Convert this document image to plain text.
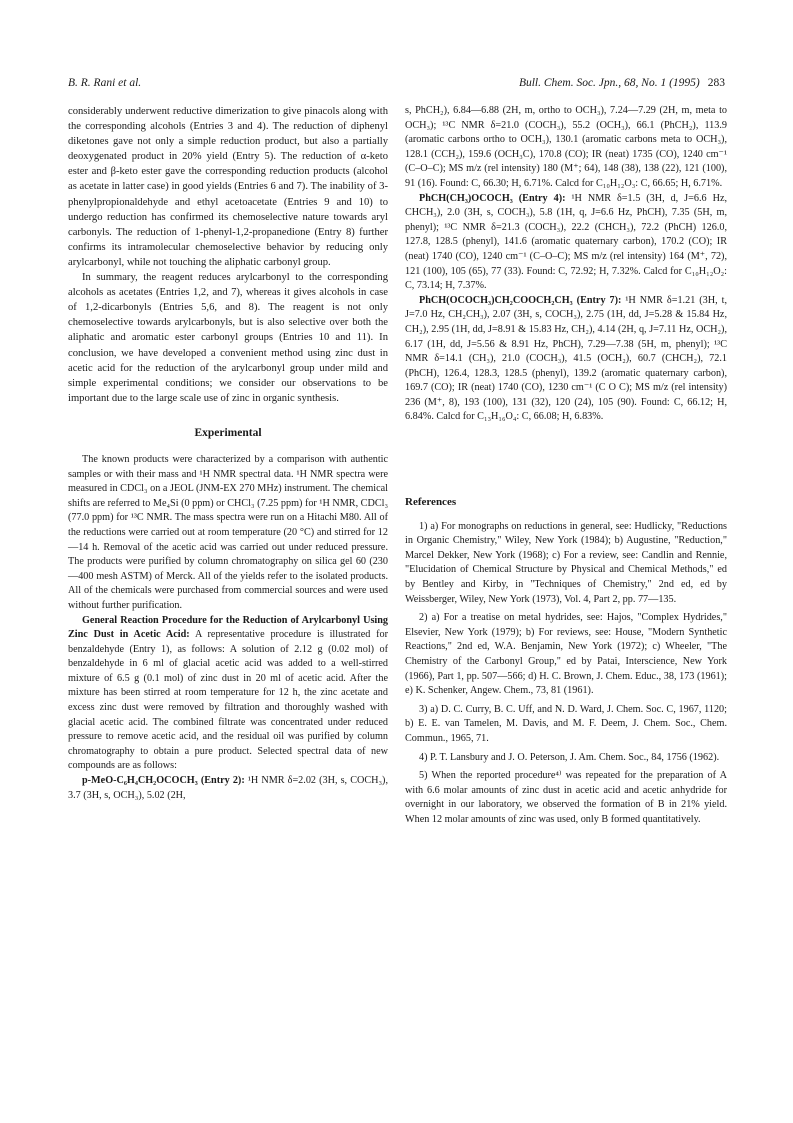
B. R. Rani et al.	Bull. Chem. Soc. Jpn., 68, No. 1 (1995) 283

considerably underwent reductive dimerization to give pinacols along with the corresponding alcohols (Entries 3 and 4). The reduction of diphenyl diketones gave not only a simple reduction product, but also a partially deoxygenated product in 20% yield (Entry 5). The reduction of α-keto ester and β-keto ester gave the corresponding reduction products (alcohol as acetate in latter case) in good yields (Entries 6 and 7). The inability of 3-phenylpropionaldehyde and ethyl acetoacetate (Entries 9 and 10) to undergo reduction has confirmed its chemoselective nature towards aryl carbonyls. The reduction of 1-phenyl-1,2-propanedione (Entry 8) further confirms its intramolecular chemoselective behavior by reducing only arylcarbonyl, while not touching the aliphatic carbonyl group.

In summary, the reagent reduces arylcarbonyl to the corresponding alcohols as acetates (Entries 1,2, and 7), whereas it gives alcohols in case of 1,2-dicarbonyls (Entries 5,6, and 8). The reagent is not only chemoselective towards arylcarbonyls, but is also selective over both the aliphatic and aromatic ester carbonyl groups (Entries 10 and 11). In conclusion, we have developed a convenient method using zinc dust in acetic acid for the reduction of the arylcarbonyl group under mild and simple experimental conditions; we consider our observations to be important due to the large scale use of zinc in organic synthesis.

Experimental

The known products were characterized by a comparison with authentic samples or with their mass and ¹H NMR spectral data. ¹H NMR spectra were measured in CDCl₃ on a JEOL (JNM-EX 270 MHz) instrument. The chemical shifts are referred to Me₄Si (0 ppm) or CHCl₃ (7.25 ppm) for ¹H NMR, CDCl₃ (77.0 ppm) for ¹³C NMR. The mass spectra were run on a Hitachi M80. All of the reductions were carried out at room temperature (20 °C) and stirred for 12—14 h. Removal of the acetic acid was carried out under reduced pressure. The products were purified by column chromatography on silica gel 60 (230—400 mesh ASTM) of Merck. All of the yields refer to the isolated products. All of the chemicals were purchased from commercial sources and were used without further purification.

General Reaction Procedure for the Reduction of Arylcarbonyl Using Zinc Dust in Acetic Acid: A representative procedure is illustrated for benzaldehyde (Entry 1), as follows: A solution of 2.12 g (0.02 mol) of benzaldehyde in 6 ml of glacial acetic acid was added to a well-stirred mixture of 6.5 g (0.1 mol) of zinc dust in 20 ml of acetic acid. After the mixture has been stirred at room temperature for 12 h, the zinc acetate and excess zinc dust were removed by filtration and thoroughly washed with glacial acetic acid. The combined filtrate was concentrated under reduced pressure to remove acetic acid, and the residual oil was purified by column chromatography to obtain a pure product. Selected spectral data of new compounds are as follows:

p-MeO-C₆H₄CH₂OCOCH₃ (Entry 2): ¹H NMR δ=2.02 (3H, s, COCH₃), 3.7 (3H, s, OCH₃), 5.02 (2H,

s, PhCH₂), 6.84—6.88 (2H, m, ortho to OCH₃), 7.24—7.29 (2H, m, meta to OCH₃); ¹³C NMR δ=21.0 (COCH₃), 55.2 (OCH₃), 66.1 (PhCH₂), 113.9 (aromatic carbons ortho to OCH₃), 130.1 (aromatic carbons meta to OCH₃), 128.1 (CCH₂), 159.6 (OCH₃C), 170.8 (CO); IR (neat) 1735 (CO), 1240 cm⁻¹ (C–O–C); MS m/z (rel intensity) 180 (M⁺; 64), 148 (38), 138 (22), 121 (100), 91 (16). Found: C, 66.30; H, 6.71%. Calcd for C₁₀H₁₂O₃: C, 66.65; H, 6.71%.

PhCH(CH₃)OCOCH₃ (Entry 4): ¹H NMR δ=1.5 (3H, d, J=6.6 Hz, CHCH₃), 2.0 (3H, s, COCH₃), 5.8 (1H, q, J=6.6 Hz, PhCH), 7.35 (5H, m, phenyl); ¹³C NMR δ=21.3 (COCH₃), 22.2 (CHCH₃), 72.2 (PhCH) 126.0, 127.8, 128.5 (phenyl), 141.6 (aromatic quaternary carbon), 170.2 (CO); IR (neat) 1740 (CO), 1240 cm⁻¹ (C–O–C); MS m/z (rel intensity) 164 (M⁺, 72), 121 (100), 105 (65), 77 (33). Found: C, 72.92; H, 7.32%. Calcd for C₁₀H₁₂O₂: C, 73.14; H, 7.37%.

PhCH(OCOCH₃)CH₂COOCH₂CH₃ (Entry 7): ¹H NMR δ=1.21 (3H, t, J=7.0 Hz, CH₂CH₃), 2.07 (3H, s, COCH₃), 2.75 (1H, dd, J=5.28 & 15.84 Hz, CH₂), 2.95 (1H, dd, J=8.91 & 15.83 Hz, CH₂), 4.14 (2H, q, J=7.11 Hz, OCH₂), 6.17 (1H, dd, J=5.56 & 8.91 Hz, PhCH), 7.29—7.38 (5H, m, phenyl); ¹³C NMR δ=14.1 (CH₃), 21.0 (COCH₃), 41.5 (OCH₂), 60.7 (CHCH₂), 72.1 (PhCH), 126.4, 128.3, 128.5 (phenyl), 139.2 (aromatic quaternary carbon), 169.7 (CO); IR (neat) 1740 (CO), 1230 cm⁻¹ (C O C); MS m/z (rel intensity) 236 (M⁺, 8), 193 (100), 131 (32), 120 (24), 105 (90). Found: C, 66.12; H, 6.84%. Calcd for C₁₃H₁₆O₄: C, 66.08; H, 6.83%.

References

1) a) For monographs on reductions in general, see: Hudlicky, "Reductions in Organic Chemistry," Wiley, New York (1984); b) Augustine, "Reduction," Marcel Dekker, New York (1968); c) For a review, see: Candlin and Rennie, "Elucidation of Chemical Structure by Physical and Chemical Methods," ed by Bentley and Kirby, in "Techniques of Chemistry," 2nd ed, ed by Weissberger, Wiley, New York (1973), Vol. 4, Part 2, pp. 77—135.

2) a) For a treatise on metal hydrides, see: Hajos, "Complex Hydrides," Elsevier, New York (1979); b) For reviews, see: House, "Modern Synthetic Reactions," 2nd ed, W.A. Benjamin, New York (1972); c) Wheeler, "The Chemistry of the Carbonyl Group," ed by Patai, Interscience, New York (1966), Part 1, pp. 507—566; d) H. C. Brown, J. Chem. Educ., 38, 173 (1961); e) K. Schenker, Angew. Chem., 73, 81 (1961).

3) a) D. C. Curry, B. C. Uff, and N. D. Ward, J. Chem. Soc. C, 1967, 1120; b) E. E. van Tamelen, M. Davis, and M. F. Deem, J. Chem. Soc., Chem. Commun., 1965, 71.

4) P. T. Lansbury and J. O. Peterson, J. Am. Chem. Soc., 84, 1756 (1962).

5) When the reported procedure⁴⁾ was repeated for the preparation of A with 6.6 molar amounts of zinc dust in acetic acid and acetic anhydride for overnight in our laboratory, we observed the formation of B in 21% yield. When 12 molar amounts of zinc was used, only B formed quantitatively.
